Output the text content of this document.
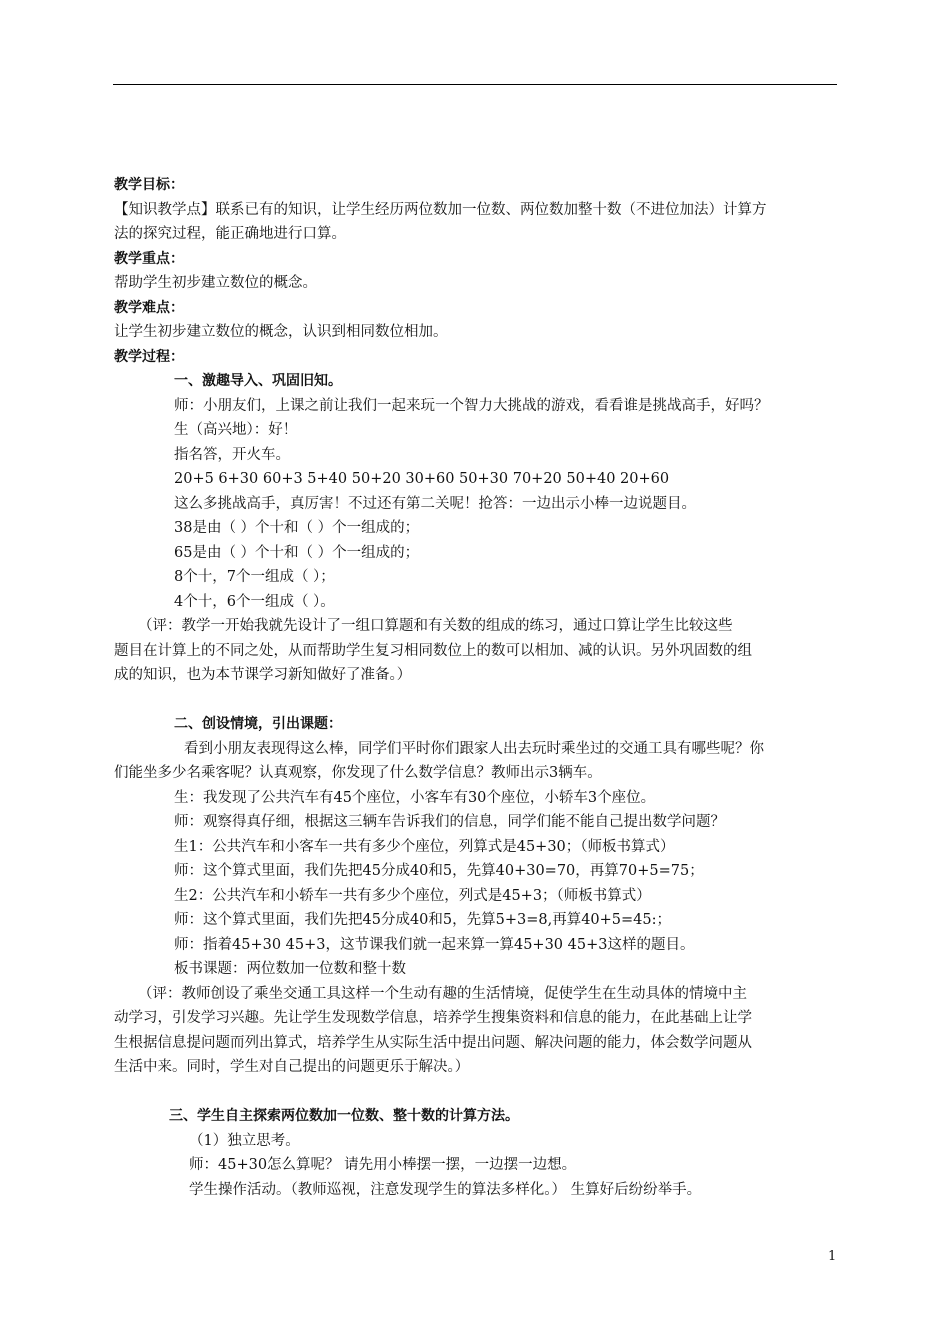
教学目标：
【知识教学点】联系已有的知识，让学生经历两位数加一位数、两位数加整十数（不进位加法）计算方
法的探究过程，能正确地进行口算。
教学重点：
帮助学生初步建立数位的概念。
教学难点：
让学生初步建立数位的概念，认识到相同数位相加。
教学过程：
一、激趣导入、巩固旧知。
师：小朋友们，上课之前让我们一起来玩一个智力大挑战的游戏，看看谁是挑战高手，好吗？
生（高兴地）：好！
指名答，开火车。
20+5 6+30 60+3 5+40 50+20 30+60 50+30 70+20 50+40 20+60
这么多挑战高手，真厉害！不过还有第二关呢！抢答：一边出示小棒一边说题目。
38是由（ ）个十和（ ）个一组成的；
65是由（ ）个十和（ ）个一组成的；
8个十，7个一组成（ ）；
4个十，6个一组成（ ）。
（评：教学一开始我就先设计了一组口算题和有关数的组成的练习，通过口算让学生比较这些
题目在计算上的不同之处，从而帮助学生复习相同数位上的数可以相加、减的认识。另外巩固数的组
成的知识，也为本节课学习新知做好了准备。）
二、创设情境，引出课题：
看到小朋友表现得这么棒，同学们平时你们跟家人出去玩时乘坐过的交通工具有哪些呢？你
们能坐多少名乘客呢？认真观察，你发现了什么数学信息？教师出示3辆车。
生：我发现了公共汽车有45个座位，小客车有30个座位，小轿车3个座位。
师：观察得真仔细，根据这三辆车告诉我们的信息，同学们能不能自己提出数学问题？
生1：公共汽车和小客车一共有多少个座位，列算式是45+30；（师板书算式）
师：这个算式里面，我们先把45分成40和5，先算40+30=70，再算70+5=75；
生2：公共汽车和小轿车一共有多少个座位，列式是45+3；（师板书算式）
师：这个算式里面，我们先把45分成40和5，先算5+3=8,再算40+5=45:；
师：指着45+30 45+3，这节课我们就一起来算一算45+30 45+3这样的题目。
板书课题：两位数加一位数和整十数
（评：教师创设了乘坐交通工具这样一个生动有趣的生活情境，促使学生在生动具体的情境中主
动学习，引发学习兴趣。先让学生发现数学信息，培养学生搜集资料和信息的能力，在此基础上让学
生根据信息提问题而列出算式，培养学生从实际生活中提出问题、解决问题的能力，体会数学问题从
生活中来。同时，学生对自己提出的问题更乐于解决。）
三、学生自主探索两位数加一位数、整十数的计算方法。
（1）独立思考。
师：45+30怎么算呢？ 请先用小棒摆一摆，一边摆一边想。
学生操作活动。（教师巡视，注意发现学生的算法多样化。） 生算好后纷纷举手。
1
